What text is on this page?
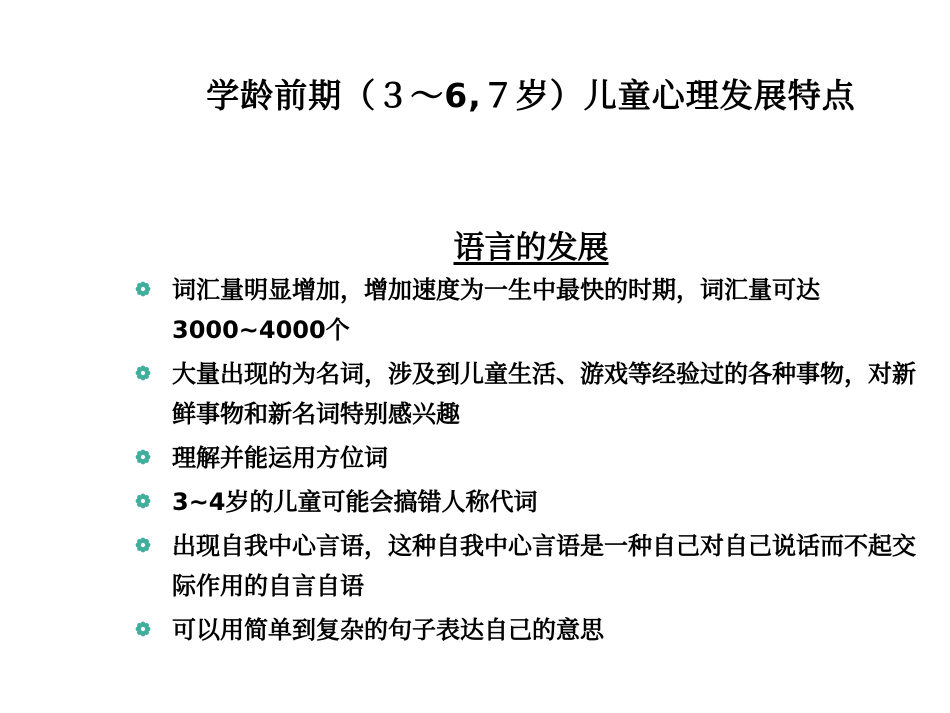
学龄前期（３～6,７岁）儿童心理发展特点
语言的发展
词汇量明显增加，增加速度为一生中最快的时期，词汇量可达3000~4000个
大量出现的为名词，涉及到儿童生活、游戏等经验过的各种事物，对新鲜事物和新名词特别感兴趣
理解并能运用方位词
3~4岁的儿童可能会搞错人称代词
出现自我中心言语，这种自我中心言语是一种自己对自己说话而不起交际作用的自言自语
可以用简单到复杂的句子表达自己的意思
